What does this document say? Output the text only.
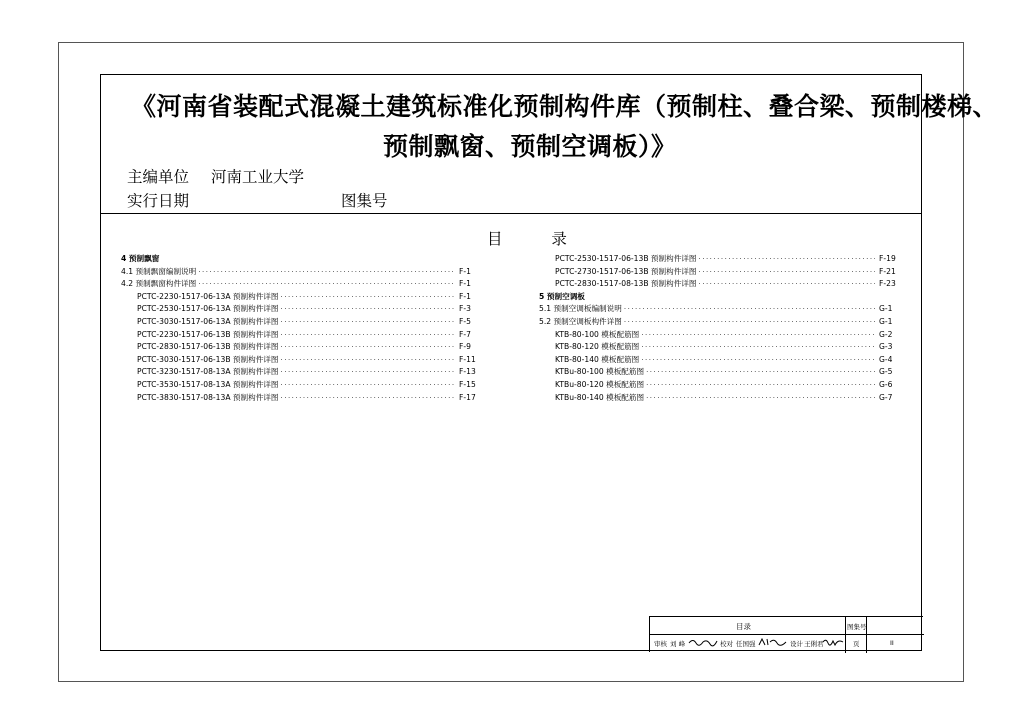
《河南省装配式混凝土建筑标准化预制构件库（预制柱、叠合梁、预制楼梯、
预制飘窗、预制空调板）》
主编单位 河南工业大学
实行日期	图集号
目 录
4 预制飘窗
4.1 预制飘窗编制说明 ·····	F-1
4.2 预制飘窗构件详图 ·····	F-1
PCTC-2230-1517-06-13A 预制构件详图 ·····	F-1
PCTC-2530-1517-06-13A 预制构件详图 ·····	F-3
PCTC-3030-1517-06-13A 预制构件详图 ·····	F-5
PCTC-2230-1517-06-13B 预制构件详图 ·····	F-7
PCTC-2830-1517-06-13B 预制构件详图 ·····	F-9
PCTC-3030-1517-06-13B 预制构件详图 ·····	F-11
PCTC-3230-1517-08-13A 预制构件详图 ·····	F-13
PCTC-3530-1517-08-13A 预制构件详图 ·····	F-15
PCTC-3830-1517-08-13A 预制构件详图 ·····	F-17
PCTC-2530-1517-06-13B 预制构件详图 ·····	F-19
PCTC-2730-1517-06-13B 预制构件详图 ·····	F-21
PCTC-2830-1517-08-13B 预制构件详图 ·····	F-23
5 预制空调板
5.1 预制空调板编制说明 ·····	G-1
5.2 预制空调板构件详图 ·····	G-1
KTB-80-100 模板配筋图 ·····	G-2
KTB-80-120 模板配筋图 ·····	G-3
KTB-80-140 模板配筋图 ·····	G-4
KTBu-80-100 模板配筋图 ·····	G-5
KTBu-80-120 模板配筋图 ·····	G-6
KTBu-80-140 模板配筋图 ·····	G-7
目录	图集号
审核 刘 峰	校对 任国强	设计 王俐君	页	II
